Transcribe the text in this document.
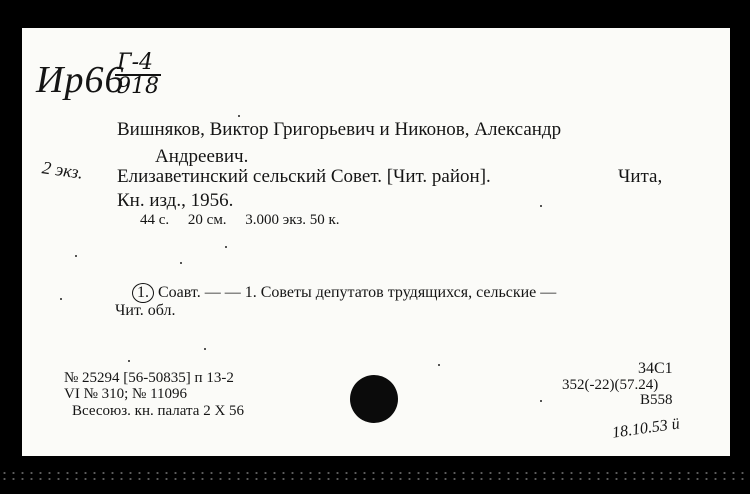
Ир66
Г-4
918
2 экз.
Вишняков, Виктор Григорьевич и Никонов, Александр
Андреевич.
Елизаветинский сельский Совет. [Чит. район].	Чита,
Кн. изд., 1956.
44 с.     20 см.     3.000 экз. 50 к.
1. Соавт. — — 1. Советы депутатов трудящихся, сельские —
Чит. обл.
№ 25294 [56-50835] п 13-2
VI № 310; № 11096
Всесоюз. кн. палата 2 Х 56
34С1
352(-22)(57.24)
В558
18.10.53 ü
